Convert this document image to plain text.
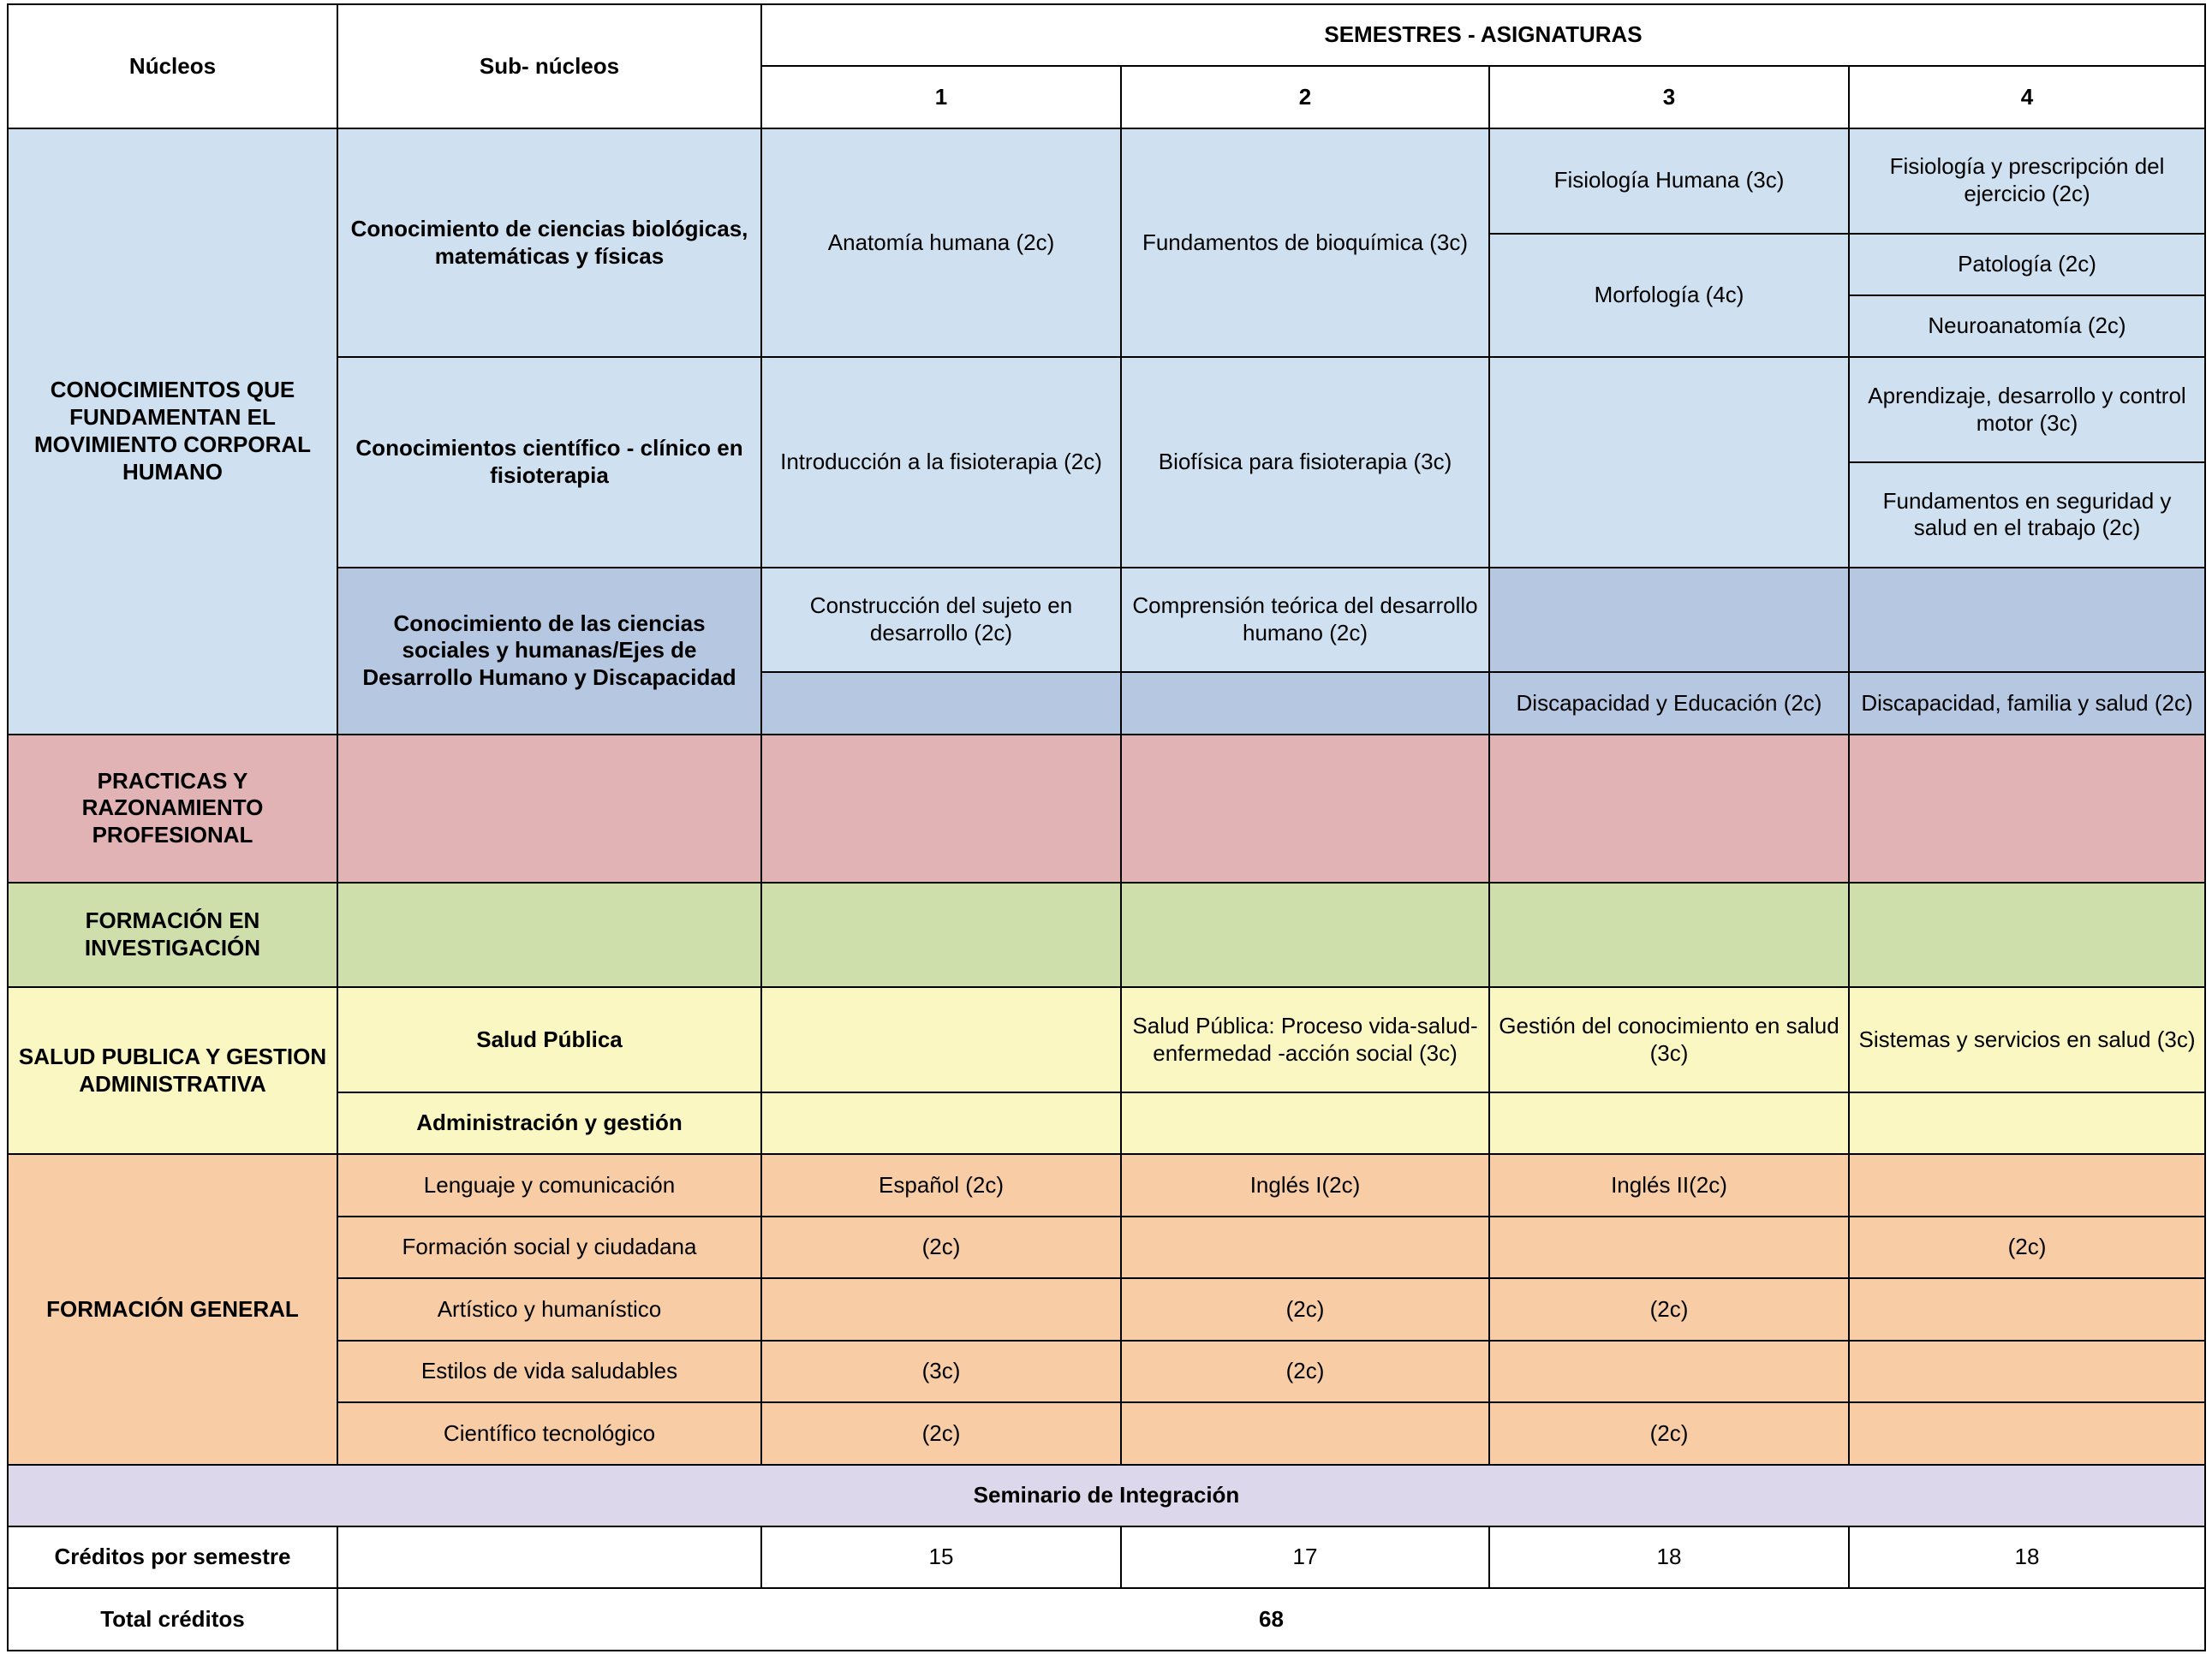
Núcleos	Sub- núcleos	SEMESTRES - ASIGNATURAS			
		1	2	3	4
CONOCIMIENTOS QUE FUNDAMENTAN EL MOVIMIENTO CORPORAL HUMANO	Conocimiento de ciencias biológicas, matemáticas y físicas	Anatomía humana (2c)	Fundamentos de bioquímica (3c)	Fisiología Humana (3c)	Fisiología y prescripción del ejercicio (2c)
				Morfología (4c)	Patología (2c)
					Neuroanatomía (2c)
	Conocimientos científico - clínico en fisioterapia	Introducción a la fisioterapia (2c)	Biofísica para fisioterapia (3c)		Aprendizaje, desarrollo y control motor (3c)
					Fundamentos en seguridad y salud en el trabajo (2c)
	Conocimiento de las ciencias sociales y humanas/Ejes de Desarrollo Humano y Discapacidad	Construcción del sujeto en desarrollo (2c)	Comprensión teórica del desarrollo humano (2c)		
				Discapacidad y Educación (2c)	Discapacidad, familia y salud (2c)

PRACTICAS Y RAZONAMIENTO PROFESIONAL					
FORMACIÓN EN INVESTIGACIÓN					
SALUD PUBLICA Y GESTION ADMINISTRATIVA	Salud Pública		Salud Pública: Proceso vida-salud-enfermedad -acción social (3c)	Gestión del conocimiento en salud (3c)	Sistemas y servicios en salud (3c)
	Administración y gestión				
FORMACIÓN GENERAL	Lenguaje y comunicación	Español (2c)	Inglés I(2c)	Inglés II(2c)	
	Formación social y ciudadana	(2c)			(2c)
	Artístico y humanístico		(2c)	(2c)	
	Estilos de vida saludables	(3c)	(2c)		
	Científico tecnológico	(2c)		(2c)	
Seminario de Integración					
Créditos por semestre		15	17	18	18
Total créditos	68				
